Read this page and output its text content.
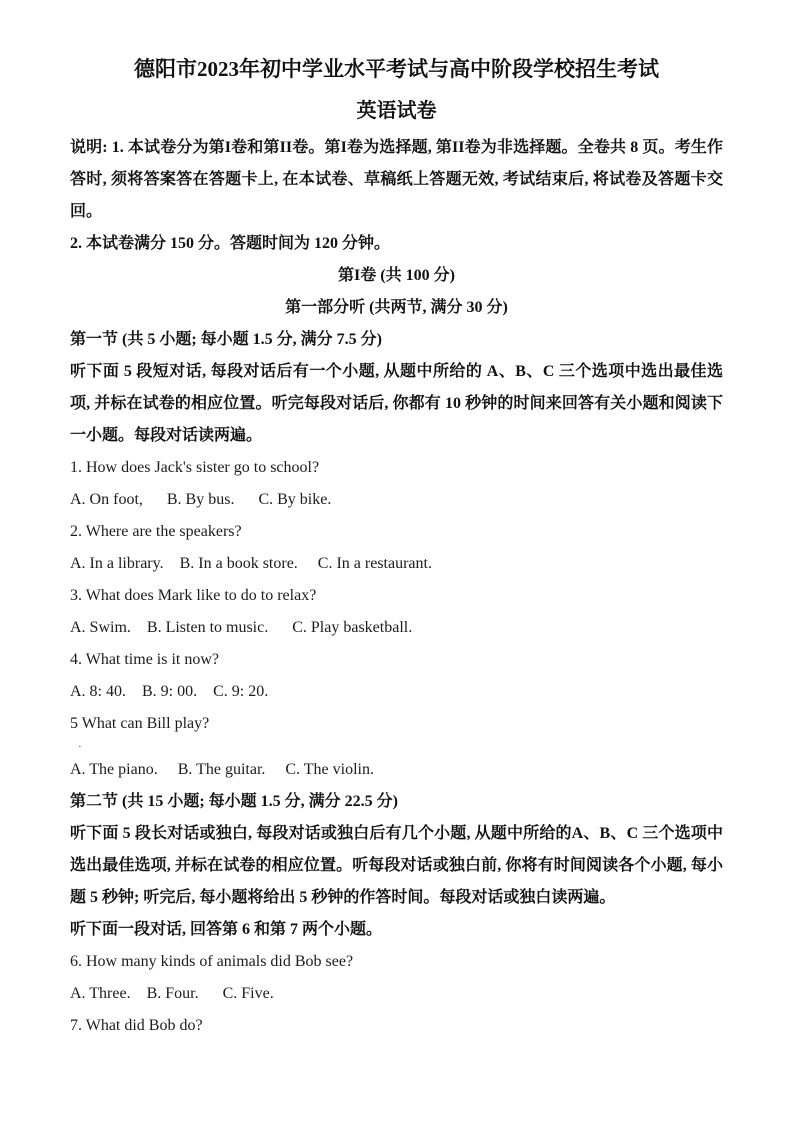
德阳市2023年初中学业水平考试与高中阶段学校招生考试
英语试卷

说明: 1. 本试卷分为第I卷和第II卷。第I卷为选择题, 第II卷为非选择题。全卷共 8 页。考生作答时, 须将答案答在答题卡上, 在本试卷、草稿纸上答题无效, 考试结束后, 将试卷及答题卡交回。

2. 本试卷满分 150 分。答题时间为 120 分钟。

第I卷 (共 100 分)

第一部分听 (共两节, 满分 30 分)

第一节 (共 5 小题; 每小题 1.5 分, 满分 7.5 分)

听下面 5 段短对话, 每段对话后有一个小题, 从题中所给的 A、B、C 三个选项中选出最佳选项, 并标在试卷的相应位置。听完每段对话后, 你都有 10 秒钟的时间来回答有关小题和阅读下一小题。每段对话读两遍。

1. How does Jack's sister go to school?

A. On foot,      B. By bus.      C. By bike.

2. Where are the speakers?

A. In a library.    B. In a book store.     C. In a restaurant.

3. What does Mark like to do to relax?

A. Swim.    B. Listen to music.      C. Play basketball.

4. What time is it now?

A. 8: 40.    B. 9: 00.    C. 9: 20.

5 What can Bill play?

·

A. The piano.     B. The guitar.     C. The violin.

第二节 (共 15 小题; 每小题 1.5 分, 满分 22.5 分)

听下面 5 段长对话或独白, 每段对话或独白后有几个小题, 从题中所给的A、B、C 三个选项中选出最佳选项, 并标在试卷的相应位置。听每段对话或独白前, 你将有时间阅读各个小题, 每小题 5 秒钟; 听完后, 每小题将给出 5 秒钟的作答时间。每段对话或独白读两遍。

听下面一段对话, 回答第 6 和第 7 两个小题。

6. How many kinds of animals did Bob see?

A. Three.    B. Four.      C. Five.

7. What did Bob do?
